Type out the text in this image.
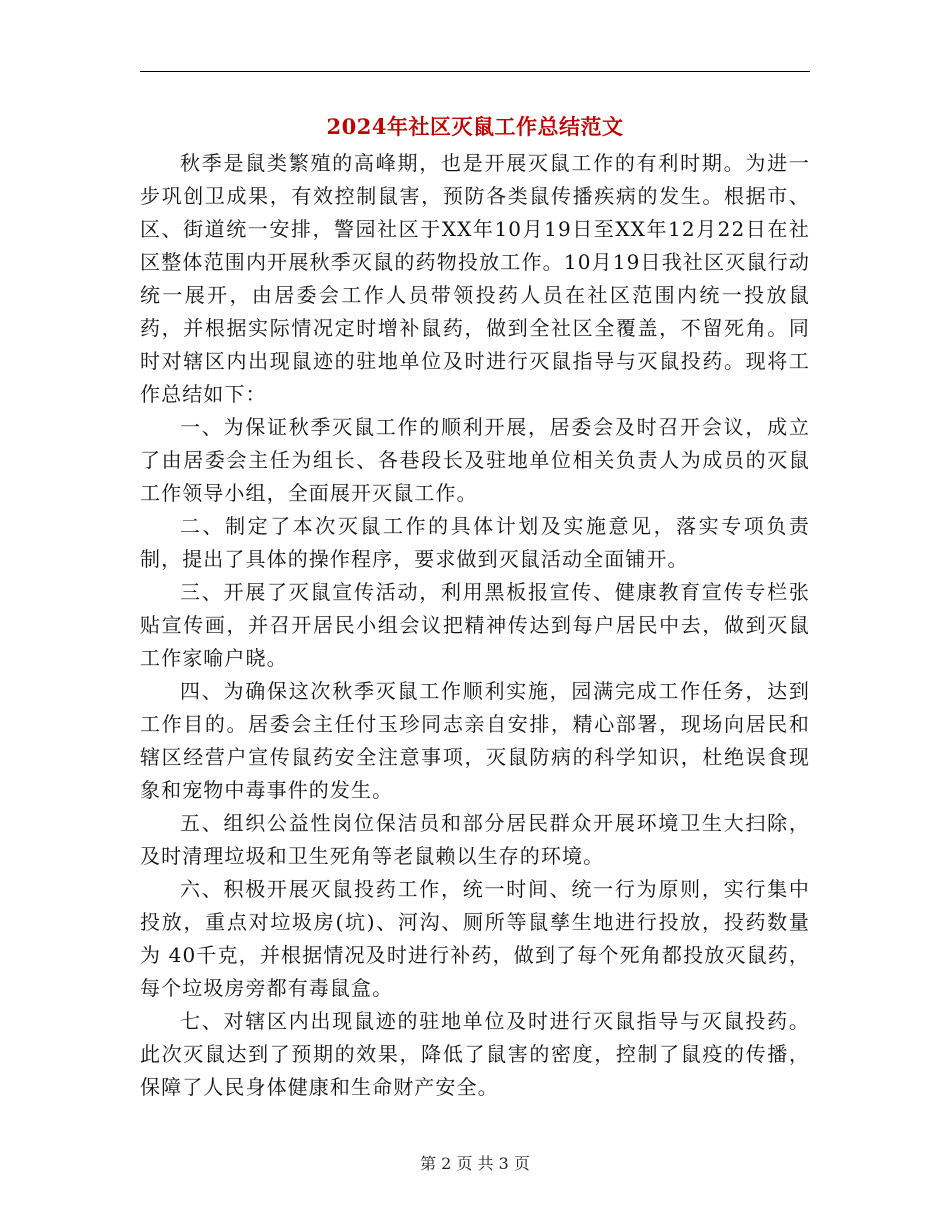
2024年社区灭鼠工作总结范文

秋季是鼠类繁殖的高峰期，也是开展灭鼠工作的有利时期。为进一步巩创卫成果，有效控制鼠害，预防各类鼠传播疾病的发生。根据市、区、街道统一安排，警园社区于XX年10月19日至XX年12月22日在社区整体范围内开展秋季灭鼠的药物投放工作。10月19日我社区灭鼠行动统一展开，由居委会工作人员带领投药人员在社区范围内统一投放鼠药，并根据实际情况定时增补鼠药，做到全社区全覆盖，不留死角。同时对辖区内出现鼠迹的驻地单位及时进行灭鼠指导与灭鼠投药。现将工作总结如下：

一、为保证秋季灭鼠工作的顺利开展，居委会及时召开会议，成立了由居委会主任为组长、各巷段长及驻地单位相关负责人为成员的灭鼠工作领导小组，全面展开灭鼠工作。

二、制定了本次灭鼠工作的具体计划及实施意见，落实专项负责制，提出了具体的操作程序，要求做到灭鼠活动全面铺开。

三、开展了灭鼠宣传活动，利用黑板报宣传、健康教育宣传专栏张贴宣传画，并召开居民小组会议把精神传达到每户居民中去，做到灭鼠工作家喻户晓。

四、为确保这次秋季灭鼠工作顺利实施，园满完成工作任务，达到工作目的。居委会主任付玉珍同志亲自安排，精心部署，现场向居民和辖区经营户宣传鼠药安全注意事项，灭鼠防病的科学知识，杜绝误食现象和宠物中毒事件的发生。

五、组织公益性岗位保洁员和部分居民群众开展环境卫生大扫除，及时清理垃圾和卫生死角等老鼠赖以生存的环境。

六、积极开展灭鼠投药工作，统一时间、统一行为原则，实行集中投放，重点对垃圾房(坑)、河沟、厕所等鼠孳生地进行投放，投药数量为 40千克，并根据情况及时进行补药，做到了每个死角都投放灭鼠药，每个垃圾房旁都有毒鼠盒。

七、对辖区内出现鼠迹的驻地单位及时进行灭鼠指导与灭鼠投药。此次灭鼠达到了预期的效果，降低了鼠害的密度，控制了鼠疫的传播，保障了人民身体健康和生命财产安全。

第 2 页 共 3 页
